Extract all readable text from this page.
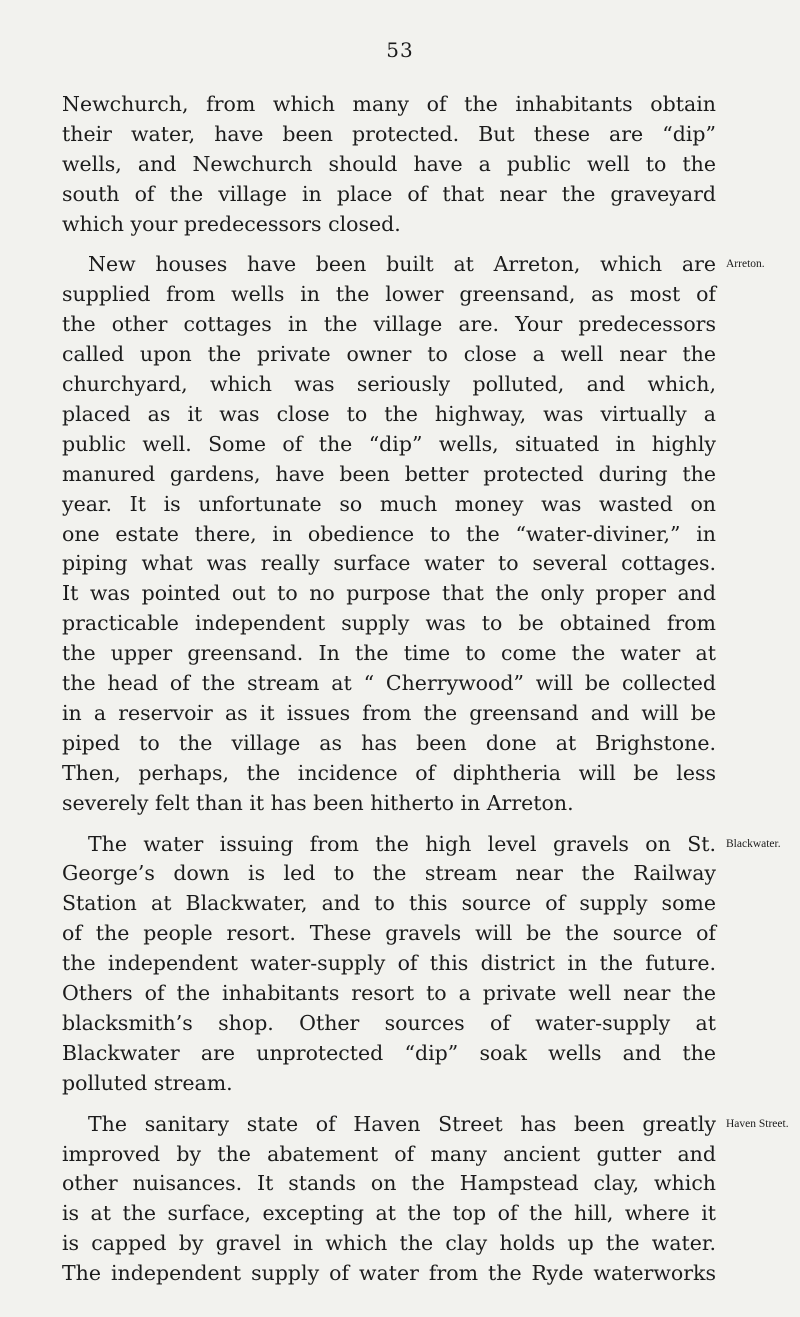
53
Newchurch, from which many of the inhabitants obtain
their water, have been protected. But these are “dip”
wells, and Newchurch should have a public well to the
south of the village in place of that near the graveyard
which your predecessors closed.
Arreton.
New houses have been built at Arreton, which are
supplied from wells in the lower greensand, as most of
the other cottages in the village are. Your predecessors
called upon the private owner to close a well near the
churchyard, which was seriously polluted, and which,
placed as it was close to the highway, was virtually a
public well. Some of the “dip” wells, situated in highly
manured gardens, have been better protected during the
year. It is unfortunate so much money was wasted on
one estate there, in obedience to the “water-diviner,” in
piping what was really surface water to several cottages.
It was pointed out to no purpose that the only proper and
practicable independent supply was to be obtained from
the upper greensand. In the time to come the water at
the head of the stream at “ Cherrywood” will be collected
in a reservoir as it issues from the greensand and will be
piped to the village as has been done at Brighstone.
Then, perhaps, the incidence of diphtheria will be less
severely felt than it has been hitherto in Arreton.
Blackwater.
The water issuing from the high level gravels on St.
George’s down is led to the stream near the Railway
Station at Blackwater, and to this source of supply some
of the people resort. These gravels will be the source of
the independent water-supply of this district in the future.
Others of the inhabitants resort to a private well near the
blacksmith’s shop. Other sources of water-supply at
Blackwater are unprotected “dip” soak wells and the
polluted stream.
Haven Street.
The sanitary state of Haven Street has been greatly
improved by the abatement of many ancient gutter and
other nuisances. It stands on the Hampstead clay, which
is at the surface, excepting at the top of the hill, where it
is capped by gravel in which the clay holds up the water.
The independent supply of water from the Ryde waterworks
